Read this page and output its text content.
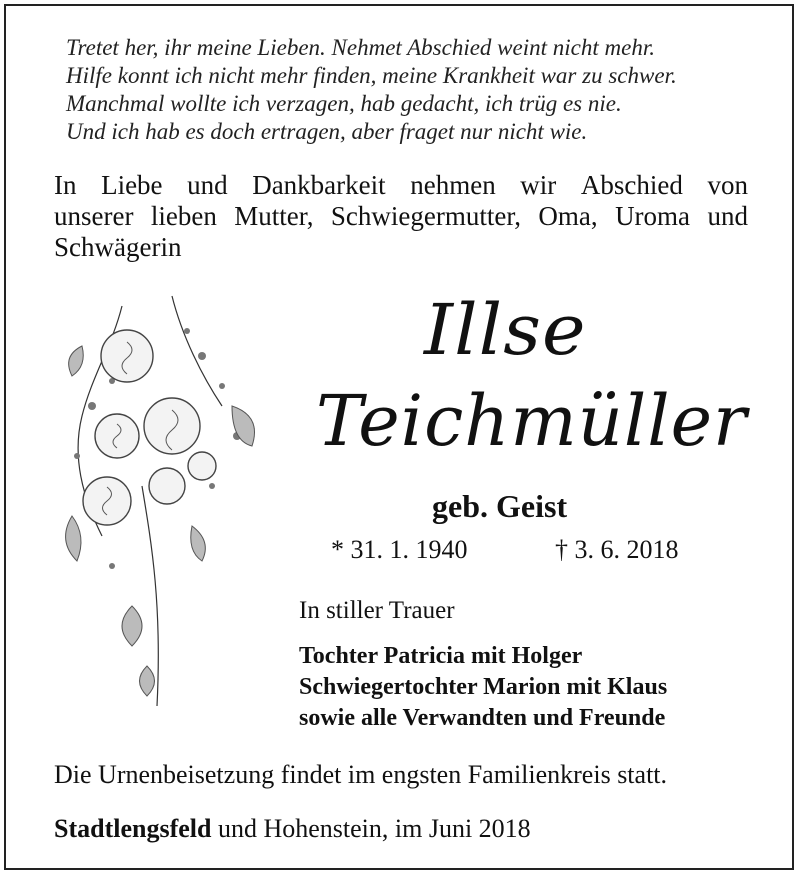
Tretet her, ihr meine Lieben. Nehmet Abschied weint nicht mehr.
Hilfe konnt ich nicht mehr finden, meine Krankheit war zu schwer.
Manchmal wollte ich verzagen, hab gedacht, ich trüg es nie.
Und ich hab es doch ertragen, aber fraget nur nicht wie.
In Liebe und Dankbarkeit nehmen wir Abschied von
unserer lieben Mutter, Schwiegermutter, Oma, Uroma und
Schwägerin
Illse
Teichmüller
geb. Geist
* 31. 1. 1940	† 3. 6. 2018
In stiller Trauer
Tochter Patricia mit Holger
Schwiegertochter Marion mit Klaus
sowie alle Verwandten und Freunde
Die Urnenbeisetzung findet im engsten Familienkreis statt.
Stadtlengsfeld und Hohenstein, im Juni 2018
